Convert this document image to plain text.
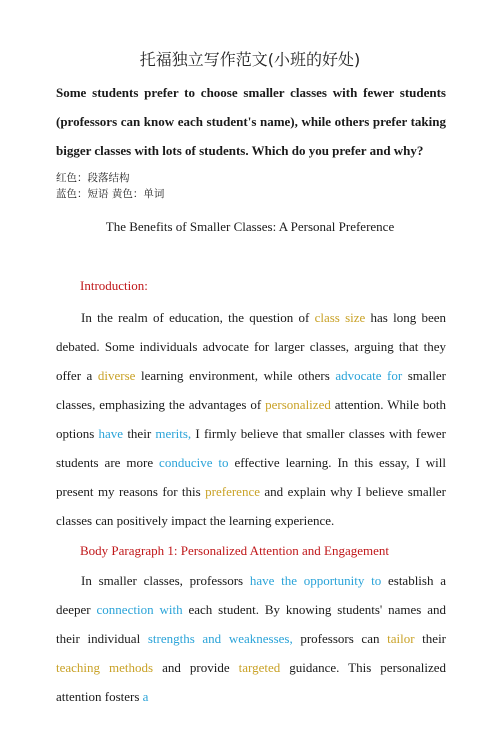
托福独立写作范文(小班的好处)
Some students prefer to choose smaller classes with fewer students (professors can know each student's name), while others prefer taking bigger classes with lots of students. Which do you prefer and why?
红色：段落结构
蓝色：短语 黄色：单词
The Benefits of Smaller Classes: A Personal Preference
Introduction:
In the realm of education, the question of class size has long been debated. Some individuals advocate for larger classes, arguing that they offer a diverse learning environment, while others advocate for smaller classes, emphasizing the advantages of personalized attention. While both options have their merits, I firmly believe that smaller classes with fewer students are more conducive to effective learning. In this essay, I will present my reasons for this preference and explain why I believe smaller classes can positively impact the learning experience.
Body Paragraph 1: Personalized Attention and Engagement
In smaller classes, professors have the opportunity to establish a deeper connection with each student. By knowing students' names and their individual strengths and weaknesses, professors can tailor their teaching methods and provide targeted guidance. This personalized attention fosters a
